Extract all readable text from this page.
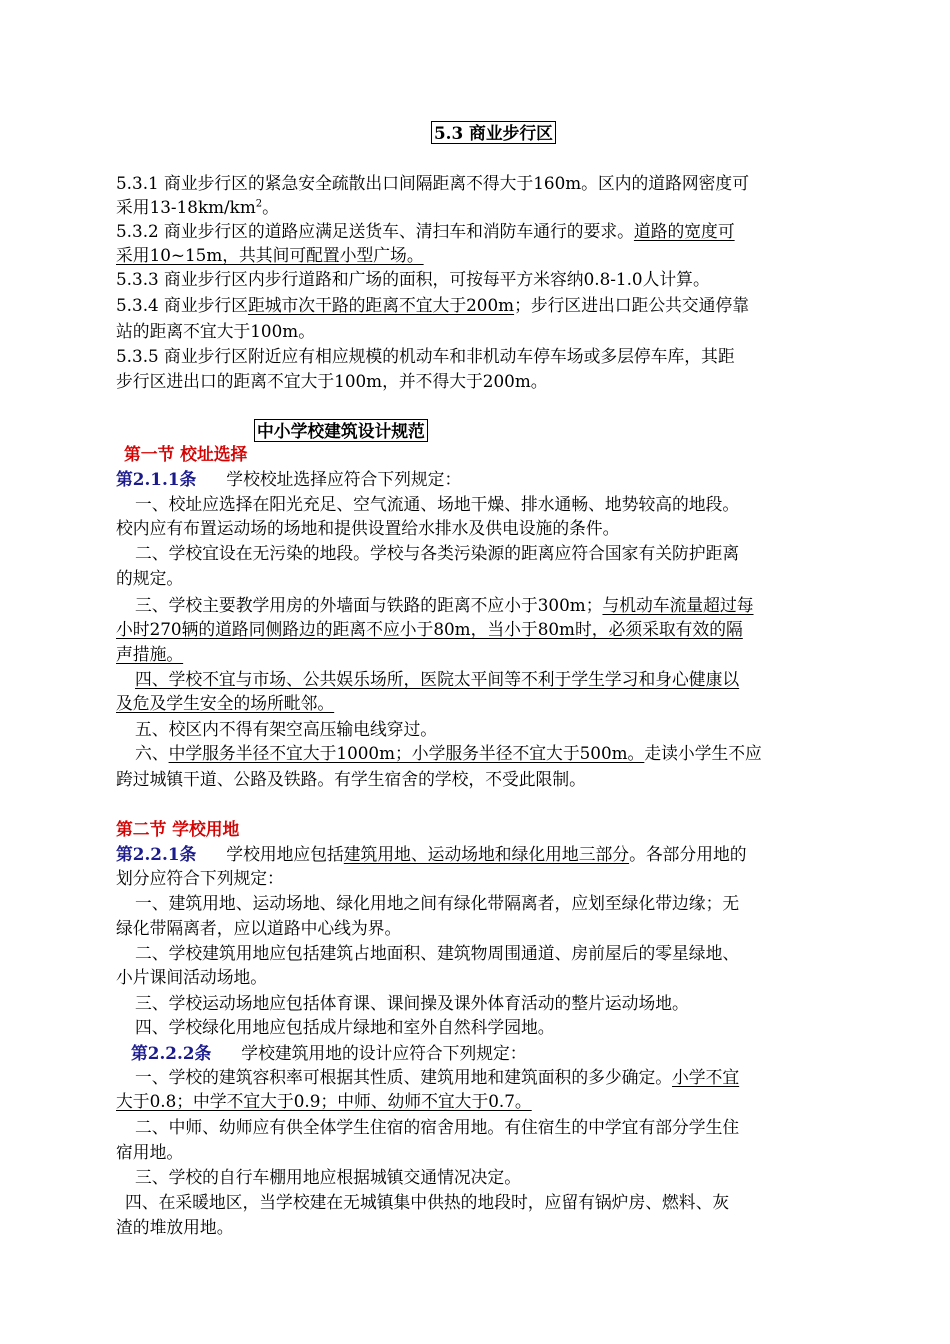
5.3 商业步行区

5.3.1 商业步行区的紧急安全疏散出口间隔距离不得大于160m。区内的道路网密度可

采用$13-18km/km^2$。

5.3.2 商业步行区的道路应满足送货车、清扫车和消防车通行的要求。道路的宽度可

采用10~15m，共其间可配置小型广场。

5.3.3 商业步行区内步行道路和广场的面积，可按每平方米容纳0.8-1.0人计算。

5.3.4 商业步行区距城市次干路的距离不宜大于200m；步行区进出口距公共交通停靠

站的距离不宜大于100m。

5.3.5 商业步行区附近应有相应规模的机动车和非机动车停车场或多层停车库，其距

步行区进出口的距离不宜大于100m，并不得大于200m。

中小学校建筑设计规范

第一节 校址选择

第2.1.1条 学校校址选择应符合下列规定：

一、校址应选择在阳光充足、空气流通、场地干燥、排水通畅、地势较高的地段。

校内应有布置运动场的场地和提供设置给水排水及供电设施的条件。

二、学校宜设在无污染的地段。学校与各类污染源的距离应符合国家有关防护距离

的规定。

三、学校主要教学用房的外墙面与铁路的距离不应小于300m；与机动车流量超过每

小时270辆的道路同侧路边的距离不应小于80m，当小于80m时，必须采取有效的隔

声措施。

四、学校不宜与市场、公共娱乐场所，医院太平间等不利于学生学习和身心健康以

及危及学生安全的场所毗邻。

五、校区内不得有架空高压输电线穿过。

六、中学服务半径不宜大于1000m；小学服务半径不宜大于500m。走读小学生不应

跨过城镇干道、公路及铁路。有学生宿舍的学校，不受此限制。

第二节 学校用地

第2.2.1条 学校用地应包括建筑用地、运动场地和绿化用地三部分。各部分用地的

划分应符合下列规定：

一、建筑用地、运动场地、绿化用地之间有绿化带隔离者，应划至绿化带边缘；无

绿化带隔离者，应以道路中心线为界。

二、学校建筑用地应包括建筑占地面积、建筑物周围通道、房前屋后的零星绿地、

小片课间活动场地。

三、学校运动场地应包括体育课、课间操及课外体育活动的整片运动场地。

四、学校绿化用地应包括成片绿地和室外自然科学园地。

第2.2.2条 学校建筑用地的设计应符合下列规定：

一、学校的建筑容积率可根据其性质、建筑用地和建筑面积的多少确定。小学不宜

大于0.8；中学不宜大于0.9；中师、幼师不宜大于0.7。

二、中师、幼师应有供全体学生住宿的宿舍用地。有住宿生的中学宜有部分学生住

宿用地。

三、学校的自行车棚用地应根据城镇交通情况决定。

四、在采暖地区，当学校建在无城镇集中供热的地段时，应留有锅炉房、燃料、灰

渣的堆放用地。
